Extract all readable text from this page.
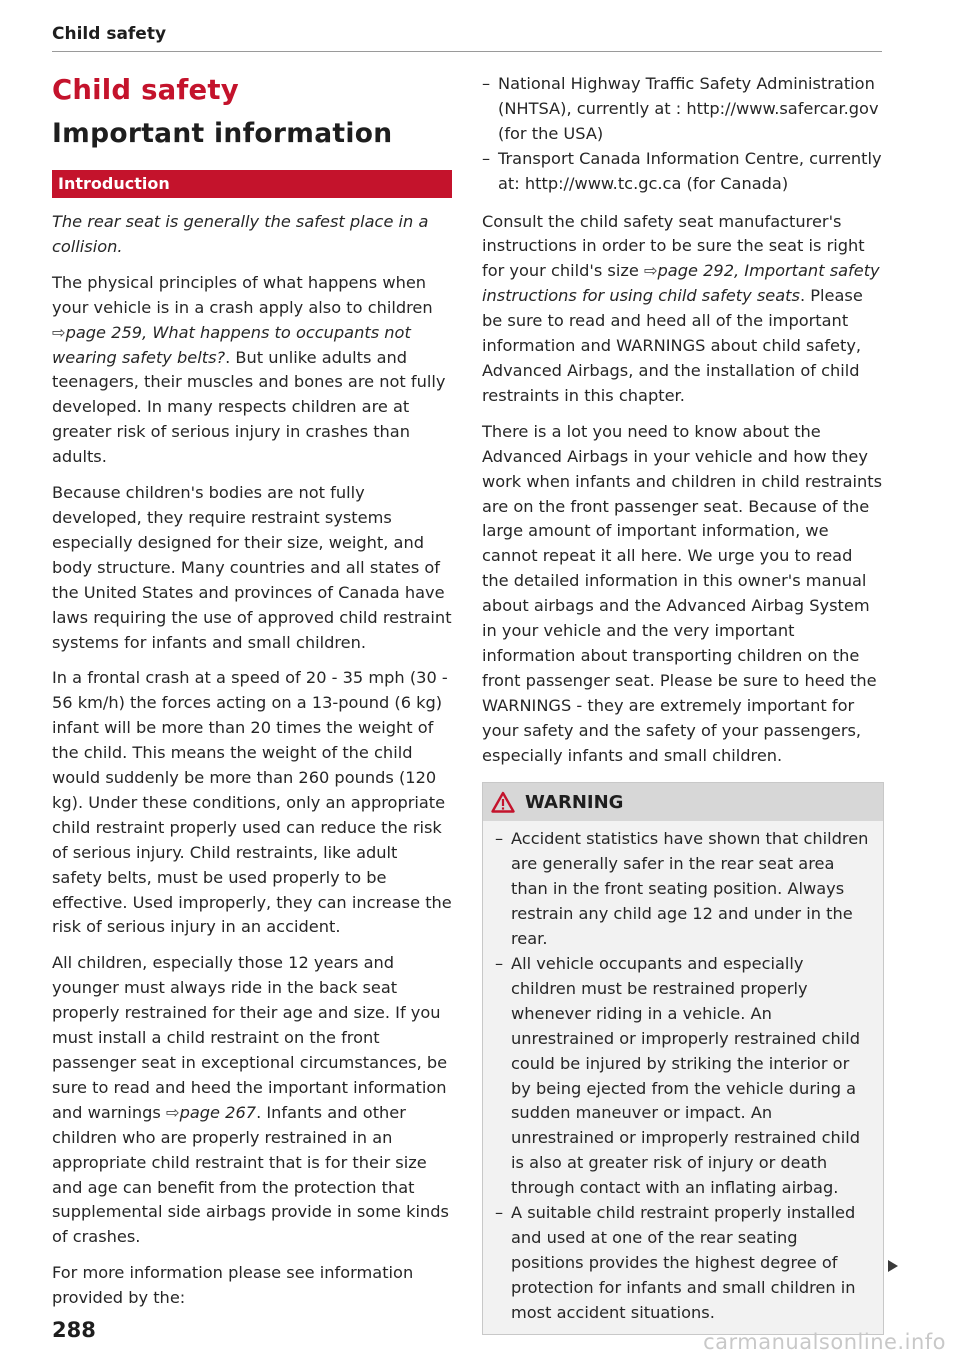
Child safety
Child safety
Important information
Introduction

The rear seat is generally the safest place in a collision.

The physical principles of what happens when your vehicle is in a crash apply also to children ⇨page 259, What happens to occupants not wearing safety belts?. But unlike adults and teenagers, their muscles and bones are not fully developed. In many respects children are at greater risk of serious injury in crashes than adults.

Because children's bodies are not fully developed, they require restraint systems especially designed for their size, weight, and body structure. Many countries and all states of the United States and provinces of Canada have laws requiring the use of approved child restraint systems for infants and small children.

In a frontal crash at a speed of 20 - 35 mph (30 - 56 km/h) the forces acting on a 13-pound (6 kg) infant will be more than 20 times the weight of the child. This means the weight of the child would suddenly be more than 260 pounds (120 kg). Under these conditions, only an appropriate child restraint properly used can reduce the risk of serious injury. Child restraints, like adult safety belts, must be used properly to be effective. Used improperly, they can increase the risk of serious injury in an accident.

All children, especially those 12 years and younger must always ride in the back seat properly restrained for their age and size. If you must install a child restraint on the front passenger seat in exceptional circumstances, be sure to read and heed the important information and warnings ⇨page 267. Infants and other children who are properly restrained in an appropriate child restraint that is for their size and age can benefit from the protection that supplemental side airbags provide in some kinds of crashes.

For more information please see information provided by the:

– National Highway Traffic Safety Administration (NHTSA), currently at : http://www.safercar.gov (for the USA)
– Transport Canada Information Centre, currently at: http://www.tc.gc.ca (for Canada)

Consult the child safety seat manufacturer's instructions in order to be sure the seat is right for your child's size ⇨page 292, Important safety instructions for using child safety seats. Please be sure to read and heed all of the important information and WARNINGS about child safety, Advanced Airbags, and the installation of child restraints in this chapter.

There is a lot you need to know about the Advanced Airbags in your vehicle and how they work when infants and children in child restraints are on the front passenger seat. Because of the large amount of important information, we cannot repeat it all here. We urge you to read the detailed information in this owner's manual about airbags and the Advanced Airbag System in your vehicle and the very important information about transporting children on the front passenger seat. Please be sure to heed the WARNINGS - they are extremely important for your safety and the safety of your passengers, especially infants and small children.

WARNING
– Accident statistics have shown that children are generally safer in the rear seat area than in the front seating position. Always restrain any child age 12 and under in the rear.
– All vehicle occupants and especially children must be restrained properly whenever riding in a vehicle. An unrestrained or improperly restrained child could be injured by striking the interior or by being ejected from the vehicle during a sudden maneuver or impact. An unrestrained or improperly restrained child is also at greater risk of injury or death through contact with an inflating airbag.
– A suitable child restraint properly installed and used at one of the rear seating positions provides the highest degree of protection for infants and small children in most accident situations.
288	carmanualsonline.info
